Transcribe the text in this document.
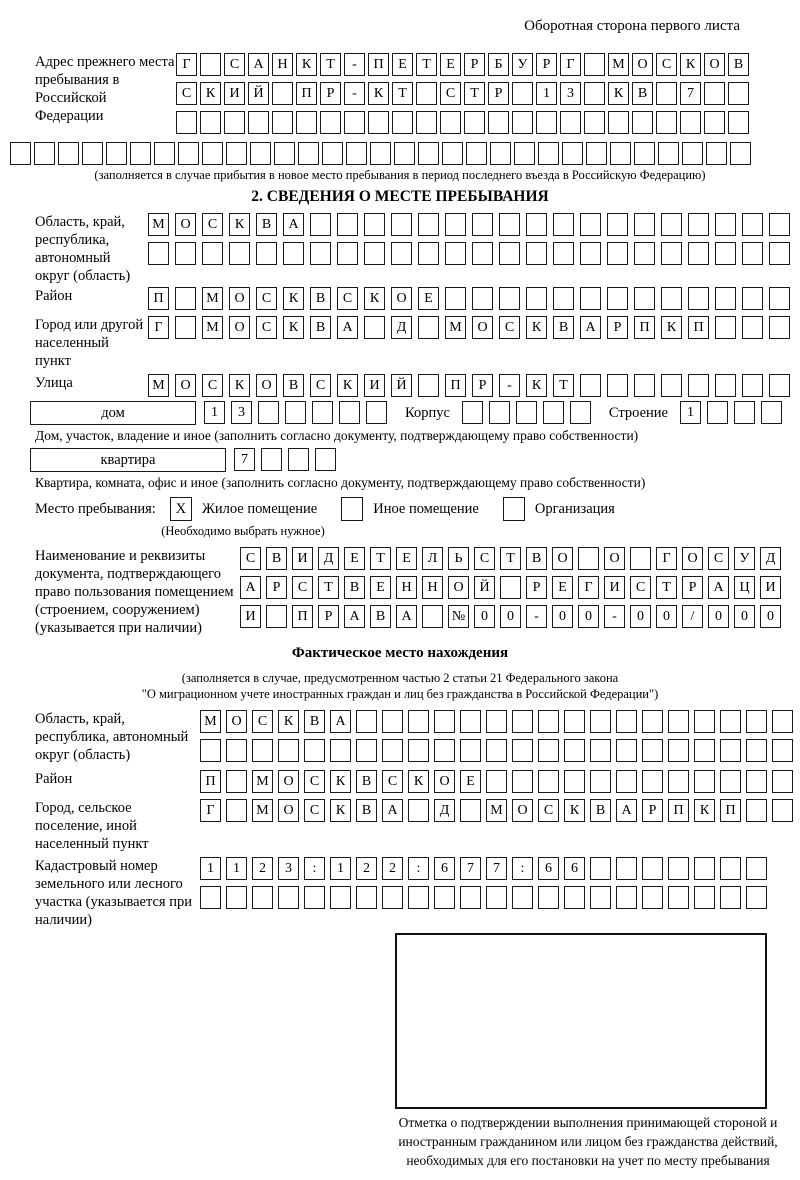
Оборотная сторона первого листа
Адрес прежнего места пребывания в Российской Федерации
Г	С	А Н	К	Т	-	П	Е	Т	Е	Р	Б	У	Р	Г	М О	С	К	О	В
С	К	И Й	П	Р	-	К	Т	С	Т	Р	1	3	К	В	7
(заполняется в случае прибытия в новое место пребывания в период последнего въезда в Российскую Федерацию)
2. СВЕДЕНИЯ О МЕСТЕ ПРЕБЫВАНИЯ
Область, край, республика, автономный округ (область)
М	О	С	К	В	А
Район	П	М	О	С	К	В	С	К	О	Е
Город или другой населенный пункт
Г	М	О	С	К	В	А	Д	М	О	С	К	В	А	Р	П	К	П
Улица	М	О	С	К	О	В	С	К	И	Й	П	Р	-	К	Т
дом	1	3	Корпус	Строение	1
Дом, участок, владение и иное (заполнить согласно документу, подтверждающему право собственности)
квартира	7
Квартира, комната, офис и иное (заполнить согласно документу, подтверждающему право собственности)
Место пребывания:	X	Жилое помещение	Иное помещение	Организация
(Необходимо выбрать нужное)
Наименование и реквизиты документа, подтверждающего право пользования помещением (строением, сооружением) (указывается при наличии)
С	В	И	Д	Е	Т	Е	Л	Ь	С	Т	В	О	О	Г	О	С	У	Д
А	Р	С	Т	В	Е	Н	Н	О	Й	Р	Е	Г	И	С	Т	Р	А	Ц	И
И	П	Р	А	В	А	№	0	0	-	0	0	-	0	0	/	0	0	0
Фактическое место нахождения
(заполняется в случае, предусмотренном частью 2 статьи 21 Федерального закона
"О миграционном учете иностранных граждан и лиц без гражданства в Российской Федерации")
Область, край, республика, автономный округ (область)
М	О	С	К	В	А
Район	П	М	О	С	К	В	С	К	О	Е
Город, сельское поселение, иной населенный пункт
Г	М	О	С	К	В	А	Д	М	О	С	К	В	А	Р	П	К	П
Кадастровый номер земельного или лесного участка (указывается при наличии)
1	1	2	3	:	1	2	2	:	6	7	7	:	6	6
Отметка о подтверждении выполнения принимающей стороной и иностранным гражданином или лицом без гражданства действий, необходимых для его постановки на учет по месту пребывания
